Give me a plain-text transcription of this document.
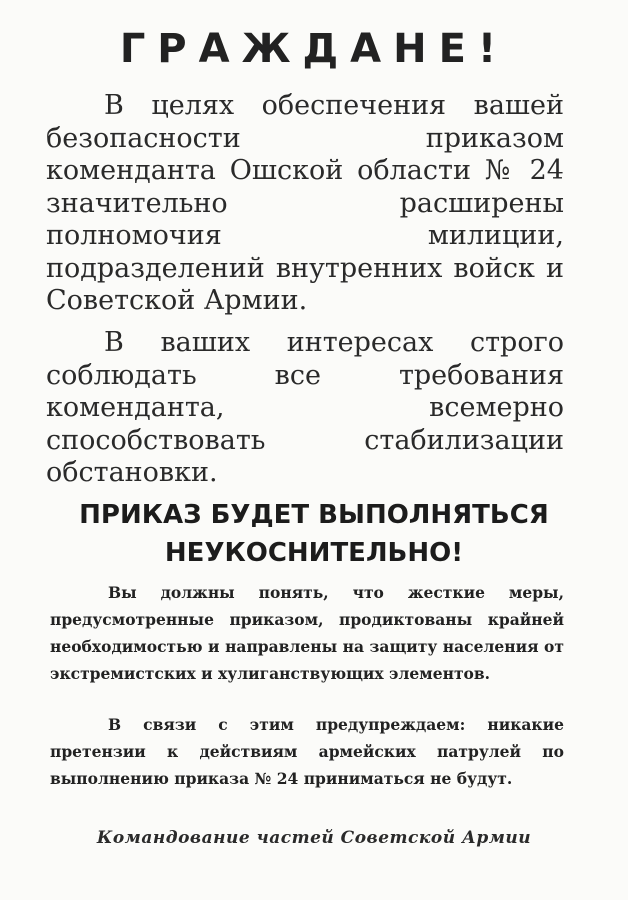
ГРАЖДАНЕ!

В целях обеспечения вашей безопасности приказом коменданта Ошской области № 24 значительно расширены полномочия милиции, подразделений внутренних войск и Советской Армии.

В ваших интересах строго соблюдать все требования коменданта, всемерно способствовать стабилизации обстановки.

ПРИКАЗ БУДЕТ ВЫПОЛНЯТЬСЯ
НЕУКОСНИТЕЛЬНО!

Вы должны понять, что жесткие меры, предусмотренные приказом, продиктованы крайней необходимостью и направлены на защиту населения от экстремистских и хулиганствующих элементов.

В связи с этим предупреждаем: никакие претензии к действиям армейских патрулей по выполнению приказа № 24 приниматься не будут.

Командование частей Советской Армии
